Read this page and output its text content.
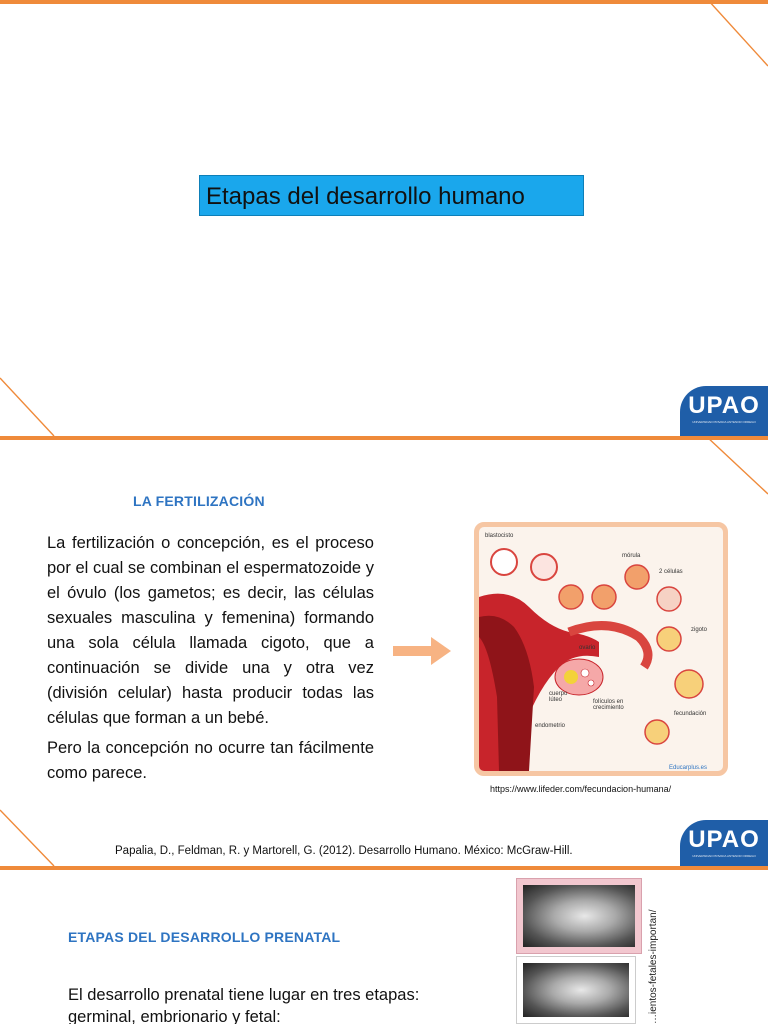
Etapas del desarrollo humano
UPAO
UNIVERSIDAD PRIVADA ANTENOR ORREGO
LA FERTILIZACIÓN

La fertilización o concepción, es el proceso por el cual se combinan el espermatozoide y el óvulo (los gametos; es decir, las células sexuales masculina y femenina) formando una sola célula llamada cigoto, que a continuación se divide una y otra vez (división celular) hasta producir todas las células que forman a un bebé.

Pero la concepción no ocurre tan fácilmente como parece.

blastocisto
mórula
2 células
zigoto
ovario
cuerpo lúteo	folículos en crecimiento
endometrio
fecundación
Educarplus.es
https://www.lifeder.com/fecundacion-humana/
Papalia, D., Feldman, R. y Martorell, G. (2012). Desarrollo Humano. México: McGraw-Hill.	UPAO
UNIVERSIDAD PRIVADA ANTENOR ORREGO
ETAPAS DEL DESARROLLO PRENATAL
El desarrollo prenatal tiene lugar en tres etapas:
germinal, embrionario y fetal:	…ientos-fetales-importan/
